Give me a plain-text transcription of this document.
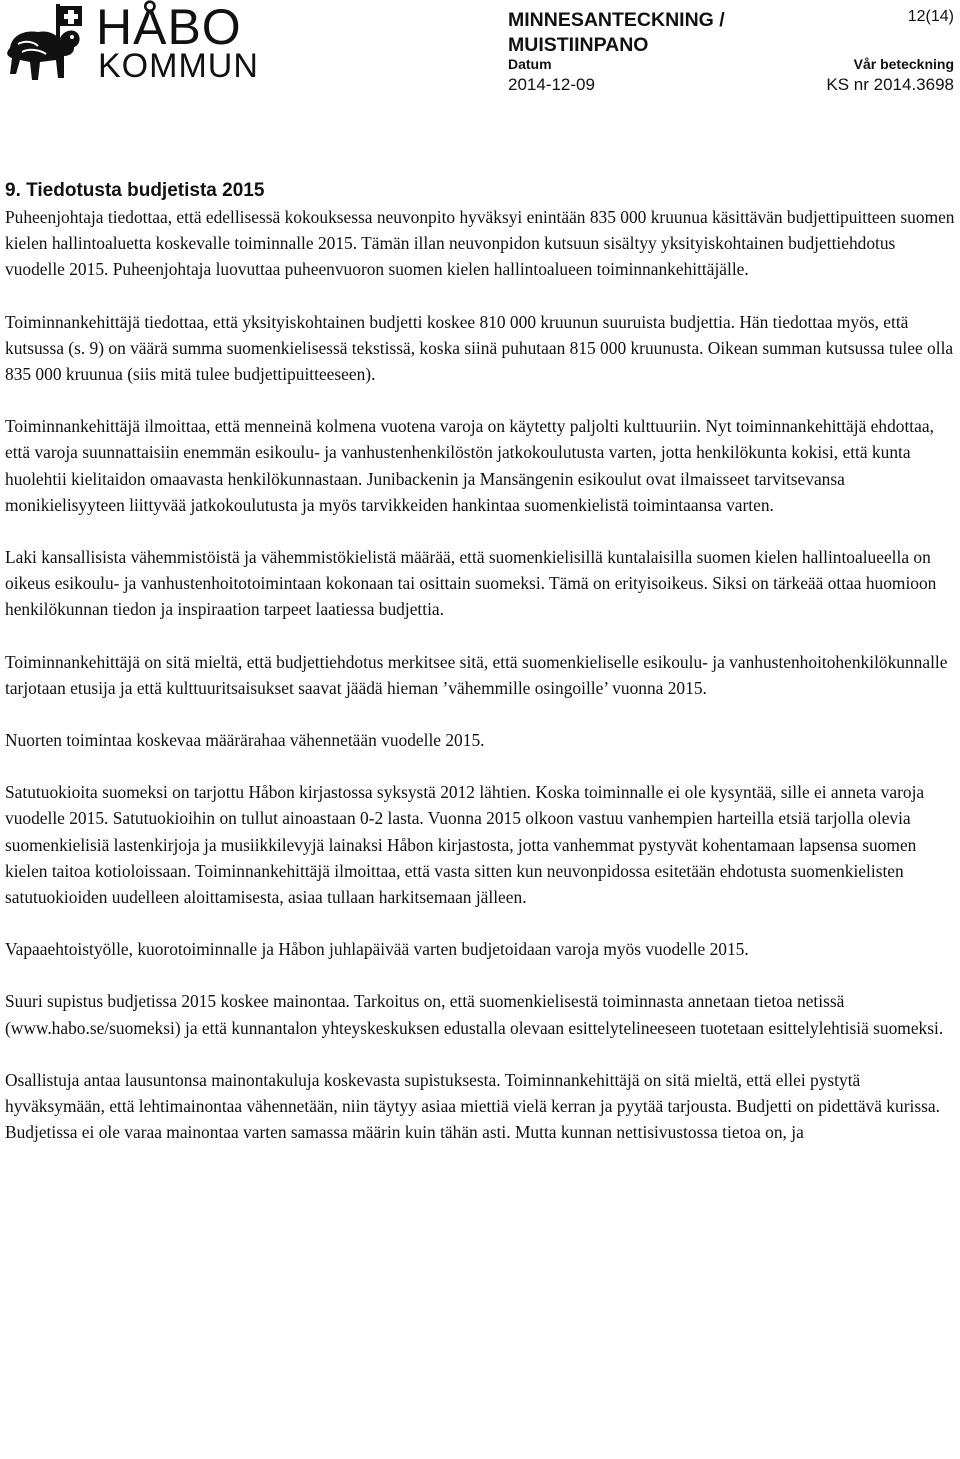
HÅBO
KOMMUN
MINNESANTECKNING / MUISTIINPANO
12(14)
Datum
2014-12-09
Vår beteckning
KS nr 2014.3698
9. Tiedotusta budjetista 2015

Puheenjohtaja tiedottaa, että edellisessä kokouksessa neuvonpito hyväksyi enintään 835 000 kruunua käsittävän budjettipuitteen suomen kielen hallintoaluetta koskevalle toiminnalle 2015. Tämän illan neuvonpidon kutsuun sisältyy yksityiskohtainen budjettiehdotus vuodelle 2015. Puheenjohtaja luovuttaa puheenvuoron suomen kielen hallintoalueen toiminnankehittäjälle.

Toiminnankehittäjä tiedottaa, että yksityiskohtainen budjetti koskee 810 000 kruunun suuruista budjettia. Hän tiedottaa myös, että kutsussa (s. 9) on väärä summa suomenkielisessä tekstissä, koska siinä puhutaan 815 000 kruunusta. Oikean summan kutsussa tulee olla 835 000 kruunua (siis mitä tulee budjettipuitteeseen).

Toiminnankehittäjä ilmoittaa, että menneinä kolmena vuotena varoja on käytetty paljolti kulttuuriin. Nyt toiminnankehittäjä ehdottaa, että varoja suunnattaisiin enemmän esikoulu- ja vanhustenhenkilöstön jatkokoulutusta varten, jotta henkilökunta kokisi, että kunta huolehtii kielitaidon omaavasta henkilökunnastaan. Junibackenin ja Mansängenin esikoulut ovat ilmaisseet tarvitsevansa monikielisyyteen liittyvää jatkokoulutusta ja myös tarvikkeiden hankintaa suomenkielistä toimintaansa varten.

Laki kansallisista vähemmistöistä ja vähemmistökielistä määrää, että suomenkielisillä kuntalaisilla suomen kielen hallintoalueella on oikeus esikoulu- ja vanhustenhoitotoimintaan kokonaan tai osittain suomeksi. Tämä on erityisoikeus. Siksi on tärkeää ottaa huomioon henkilökunnan tiedon ja inspiraation tarpeet laatiessa budjettia.

Toiminnankehittäjä on sitä mieltä, että budjettiehdotus merkitsee sitä, että suomenkieliselle esikoulu- ja vanhustenhoitohenkilökunnalle tarjotaan etusija ja että kulttuuritsaisukset saavat jäädä hieman ’vähemmille osingoille’ vuonna 2015.

Nuorten toimintaa koskevaa määrärahaa vähennetään vuodelle 2015.

Satutuokioita suomeksi on tarjottu Håbon kirjastossa syksystä 2012 lähtien. Koska toiminnalle ei ole kysyntää, sille ei anneta varoja vuodelle 2015. Satutuokioihin on tullut ainoastaan 0-2 lasta. Vuonna 2015 olkoon vastuu vanhempien harteilla etsiä tarjolla olevia suomenkielisiä lastenkirjoja ja musiikkilevyjä lainaksi Håbon kirjastosta, jotta vanhemmat pystyvät kohentamaan lapsensa suomen kielen taitoa kotioloissaan. Toiminnankehittäjä ilmoittaa, että vasta sitten kun neuvonpidossa esitetään ehdotusta suomenkielisten satutuokioiden uudelleen aloittamisesta, asiaa tullaan harkitsemaan jälleen.

Vapaaehtoistyölle, kuorotoiminnalle ja Håbon juhlapäivää varten budjetoidaan varoja myös vuodelle 2015.

Suuri supistus budjetissa 2015 koskee mainontaa. Tarkoitus on, että suomenkielisestä toiminnasta annetaan tietoa netissä (www.habo.se/suomeksi) ja että kunnantalon yhteyskeskuksen edustalla olevaan esittelytelineeseen tuotetaan esittelylehtisiä suomeksi.

Osallistuja antaa lausuntonsa mainontakuluja koskevasta supistuksesta. Toiminnankehittäjä on sitä mieltä, että ellei pystytä hyväksymään, että lehtimainontaa vähennetään, niin täytyy asiaa miettiä vielä kerran ja pyytää tarjousta. Budjetti on pidettävä kurissa. Budjetissa ei ole varaa mainontaa varten samassa määrin kuin tähän asti. Mutta kunnan nettisivustossa tietoa on, ja
